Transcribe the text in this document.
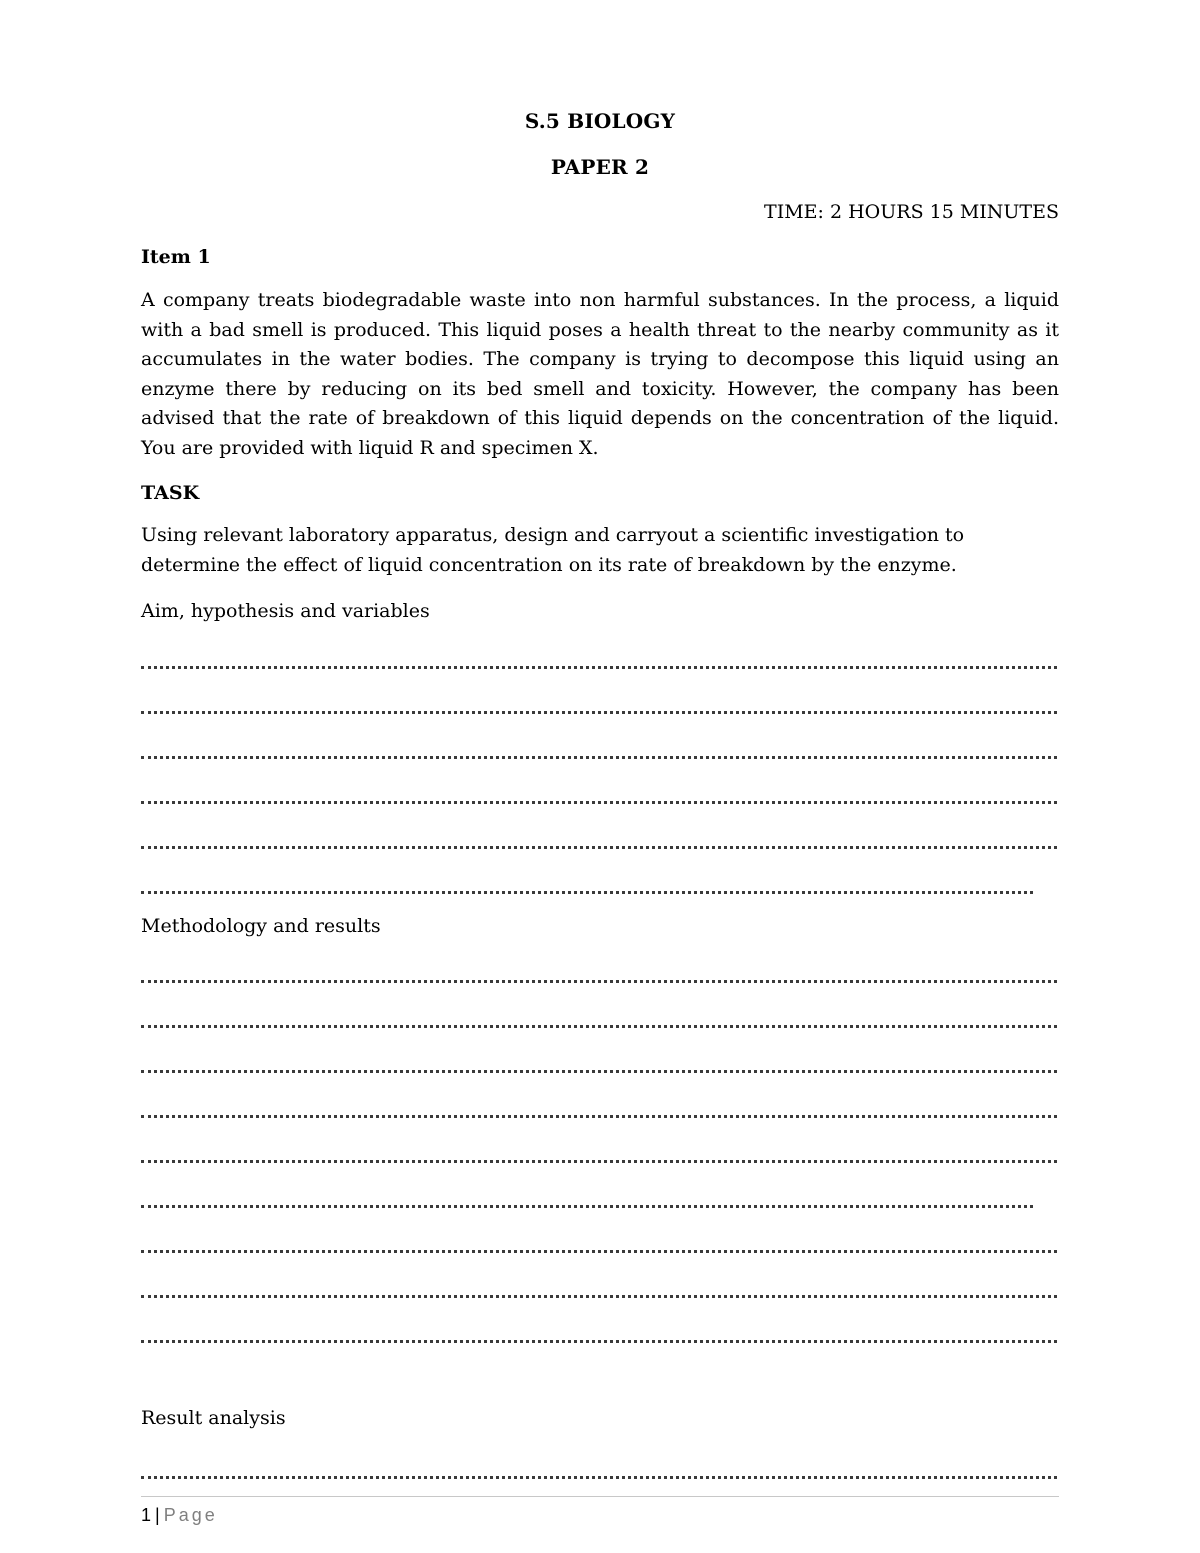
S.5 BIOLOGY
PAPER 2
TIME: 2 HOURS 15 MINUTES
Item 1
A company treats biodegradable waste into non harmful substances. In the process, a liquid with a bad smell is produced. This liquid poses a health threat to the nearby community as it accumulates in the water bodies. The company is trying to decompose this liquid using an enzyme there by reducing on its bed smell and toxicity. However, the company has been advised that the rate of breakdown of this liquid depends on the concentration of the liquid. You are provided with liquid R and specimen X.
TASK
Using relevant laboratory apparatus, design and carryout a scientific investigation to determine the effect of liquid concentration on its rate of breakdown by the enzyme.
Aim, hypothesis and variables
Methodology and results
Result analysis
1 | Page
